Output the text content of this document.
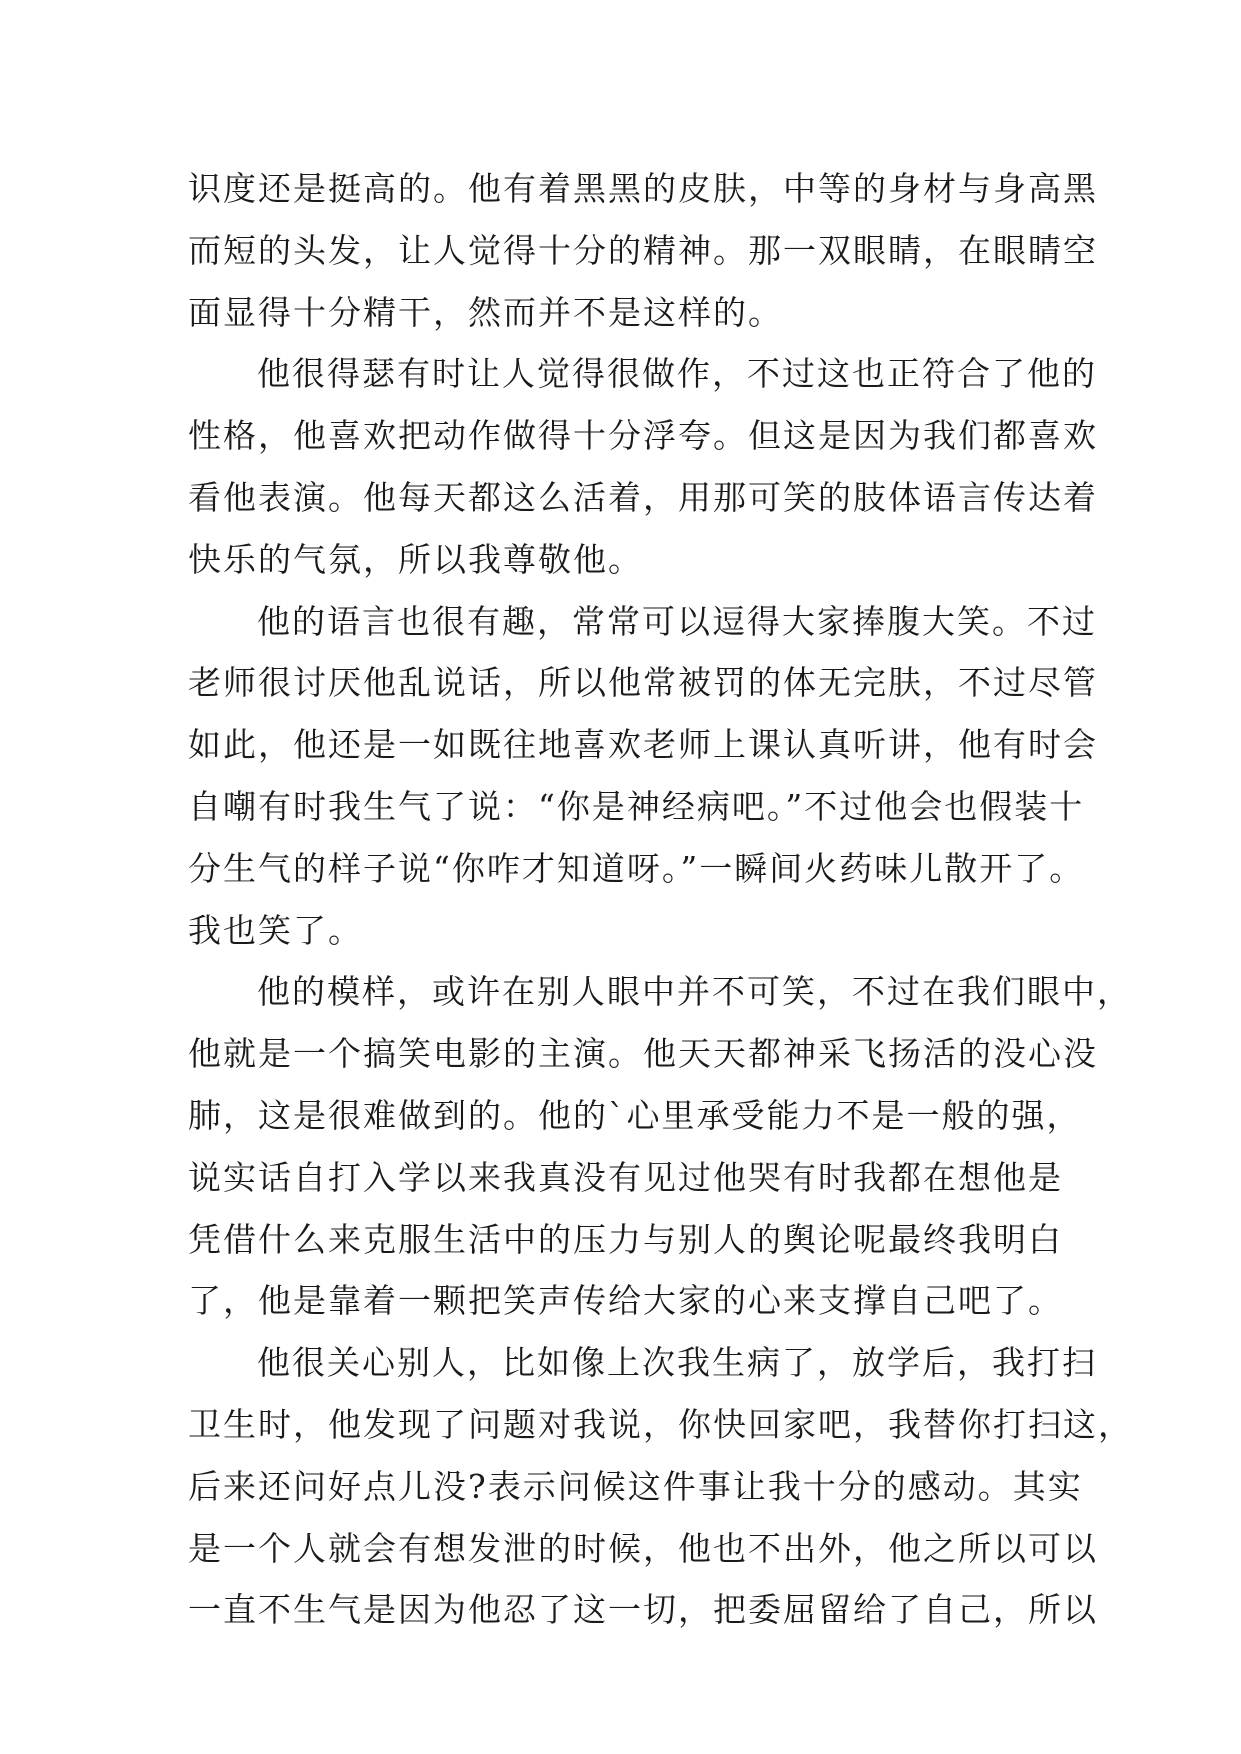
识度还是挺高的。他有着黑黑的皮肤，中等的身材与身高黑
而短的头发，让人觉得十分的精神。那一双眼睛，在眼睛空
面显得十分精干，然而并不是这样的。
他很得瑟有时让人觉得很做作，不过这也正符合了他的
性格，他喜欢把动作做得十分浮夸。但这是因为我们都喜欢
看他表演。他每天都这么活着，用那可笑的肢体语言传达着
快乐的气氛，所以我尊敬他。
他的语言也很有趣，常常可以逗得大家捧腹大笑。不过
老师很讨厌他乱说话，所以他常被罚的体无完肤，不过尽管
如此，他还是一如既往地喜欢老师上课认真听讲，他有时会
自嘲有时我生气了说：“你是神经病吧。”不过他会也假装十
分生气的样子说“你咋才知道呀。”一瞬间火药味儿散开了。
我也笑了。
他的模样，或许在别人眼中并不可笑，不过在我们眼中，
他就是一个搞笑电影的主演。他天天都神采飞扬活的没心没
肺，这是很难做到的。他的`心里承受能力不是一般的强，
说实话自打入学以来我真没有见过他哭有时我都在想他是
凭借什么来克服生活中的压力与别人的舆论呢最终我明白
了，他是靠着一颗把笑声传给大家的心来支撑自己吧了。
他很关心别人，比如像上次我生病了，放学后，我打扫
卫生时，他发现了问题对我说，你快回家吧，我替你打扫这，
后来还问好点儿没?表示问候这件事让我十分的感动。其实
是一个人就会有想发泄的时候，他也不出外，他之所以可以
一直不生气是因为他忍了这一切，把委屈留给了自己，所以
